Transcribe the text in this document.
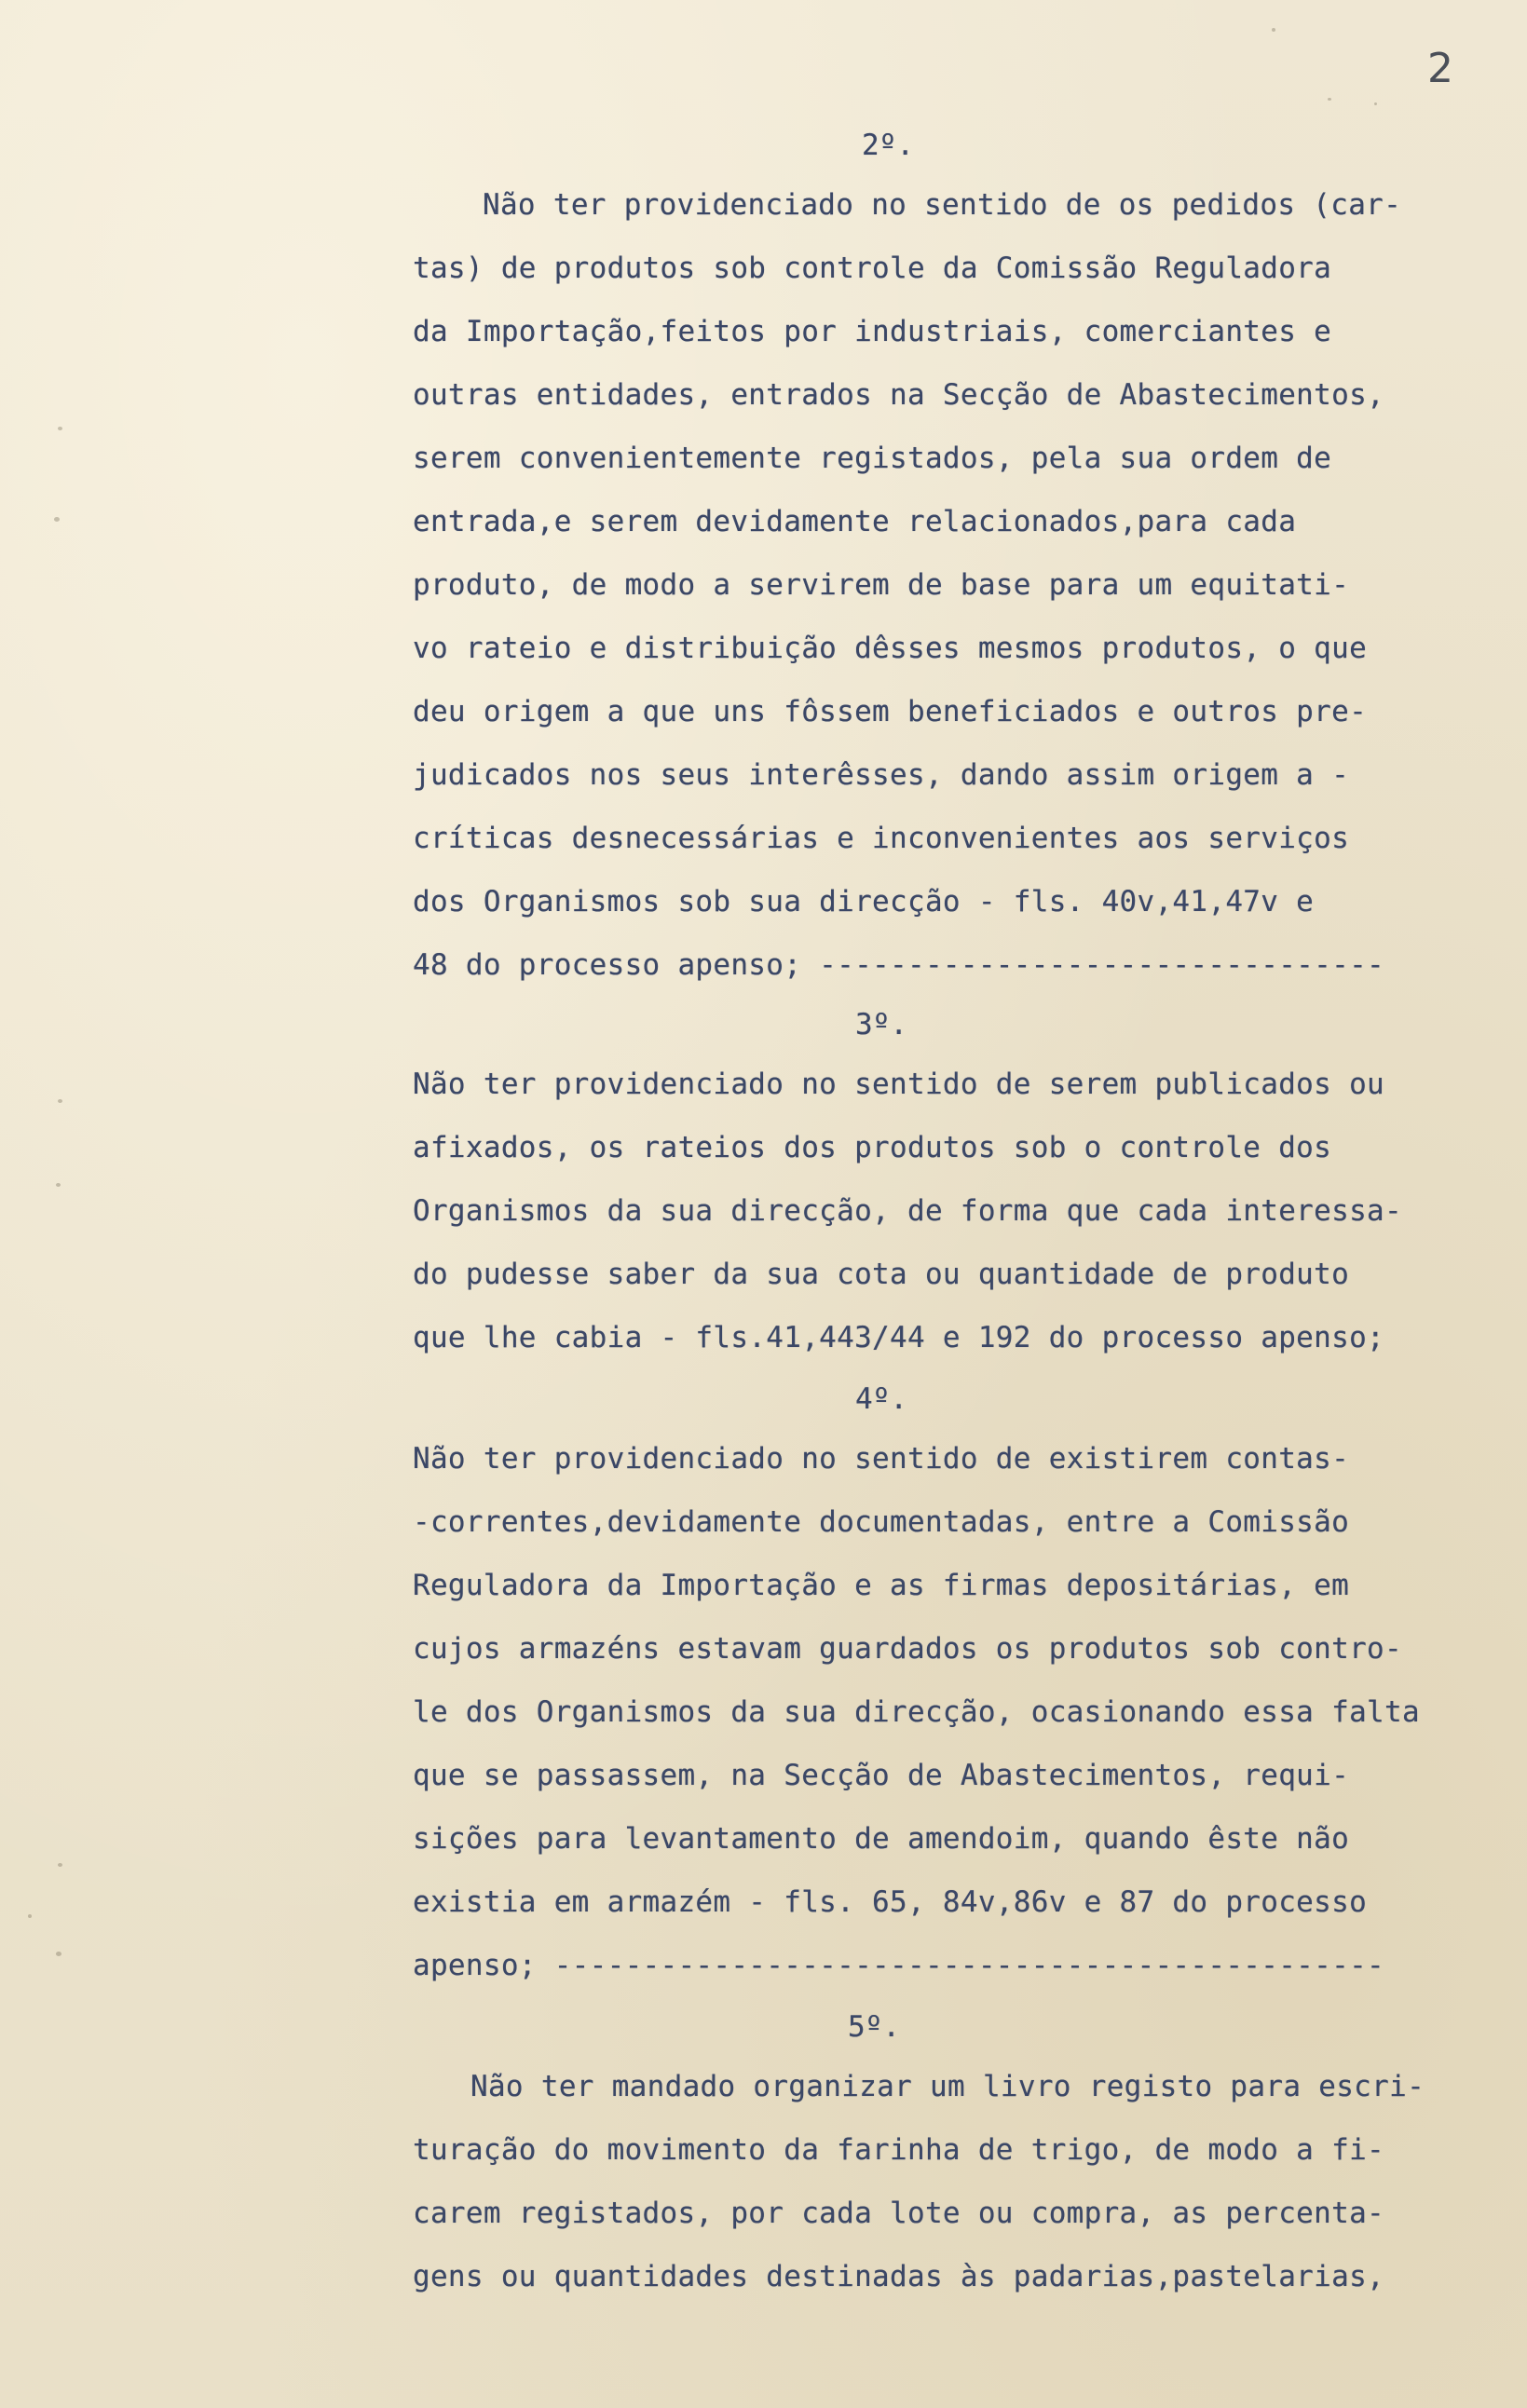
2
2º.
Não ter providenciado no sentido de os pedidos (car-
tas) de produtos sob controle da Comissão Reguladora
da Importação,feitos por industriais, comerciantes e
outras entidades, entrados na Secção de Abastecimentos,
serem convenientemente registados, pela sua ordem de
entrada,e serem devidamente relacionados,para cada
produto, de modo a servirem de base para um equitati-
vo rateio e distribuição dêsses mesmos produtos, o que
deu origem a que uns fôssem beneficiados e outros pre-
judicados nos seus interêsses, dando assim origem a -
críticas desnecessárias e inconvenientes aos serviços
dos Organismos sob sua direcção - fls. 40v,41,47v e
48 do processo apenso; --------------------------------
3º.
Não ter providenciado no sentido de serem publicados ou
afixados, os rateios dos produtos sob o controle dos
Organismos da sua direcção, de forma que cada interessa-
do pudesse saber da sua cota ou quantidade de produto
que lhe cabia - fls.41,443/44 e 192 do processo apenso;
4º.
Não ter providenciado no sentido de existirem contas-
-correntes,devidamente documentadas, entre a Comissão
Reguladora da Importação e as firmas depositárias, em
cujos armazéns estavam guardados os produtos sob contro-
le dos Organismos da sua direcção, ocasionando essa falta
que se passassem, na Secção de Abastecimentos, requi-
sições para levantamento de amendoim, quando êste não
existia em armazém - fls. 65, 84v,86v e 87 do processo
apenso; -----------------------------------------------
5º.
Não ter mandado organizar um livro registo para escri-
turação do movimento da farinha de trigo, de modo a fi-
carem registados, por cada lote ou compra, as percenta-
gens ou quantidades destinadas às padarias,pastelarias,
